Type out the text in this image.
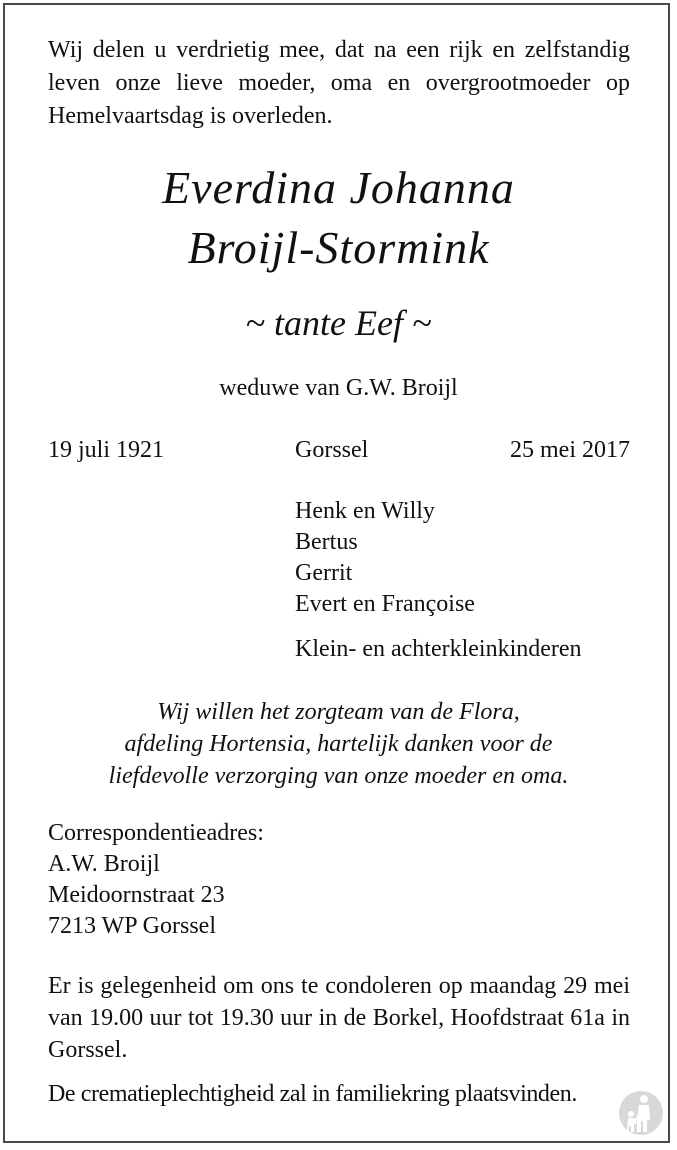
Wij delen u verdrietig mee, dat na een rijk en zelfstandig leven onze lieve moeder, oma en overgrootmoeder op Hemelvaartsdag is overleden.
Everdina Johanna
Broijl-Stormink
~ tante Eef ~
weduwe van G.W. Broijl
19 juli 1921	Gorssel	25 mei 2017
Henk en Willy
Bertus
Gerrit
Evert en Françoise
Klein- en achterkleinkinderen
Wij willen het zorgteam van de Flora,
afdeling Hortensia, hartelijk danken voor de
liefdevolle verzorging van onze moeder en oma.
Correspondentieadres:
A.W. Broijl
Meidoornstraat 23
7213 WP Gorssel
Er is gelegenheid om ons te condoleren op maandag 29 mei van 19.00 uur tot 19.30 uur in de Borkel, Hoofdstraat 61a in Gorssel.
De crematieplechtigheid zal in familiekring plaatsvinden.
